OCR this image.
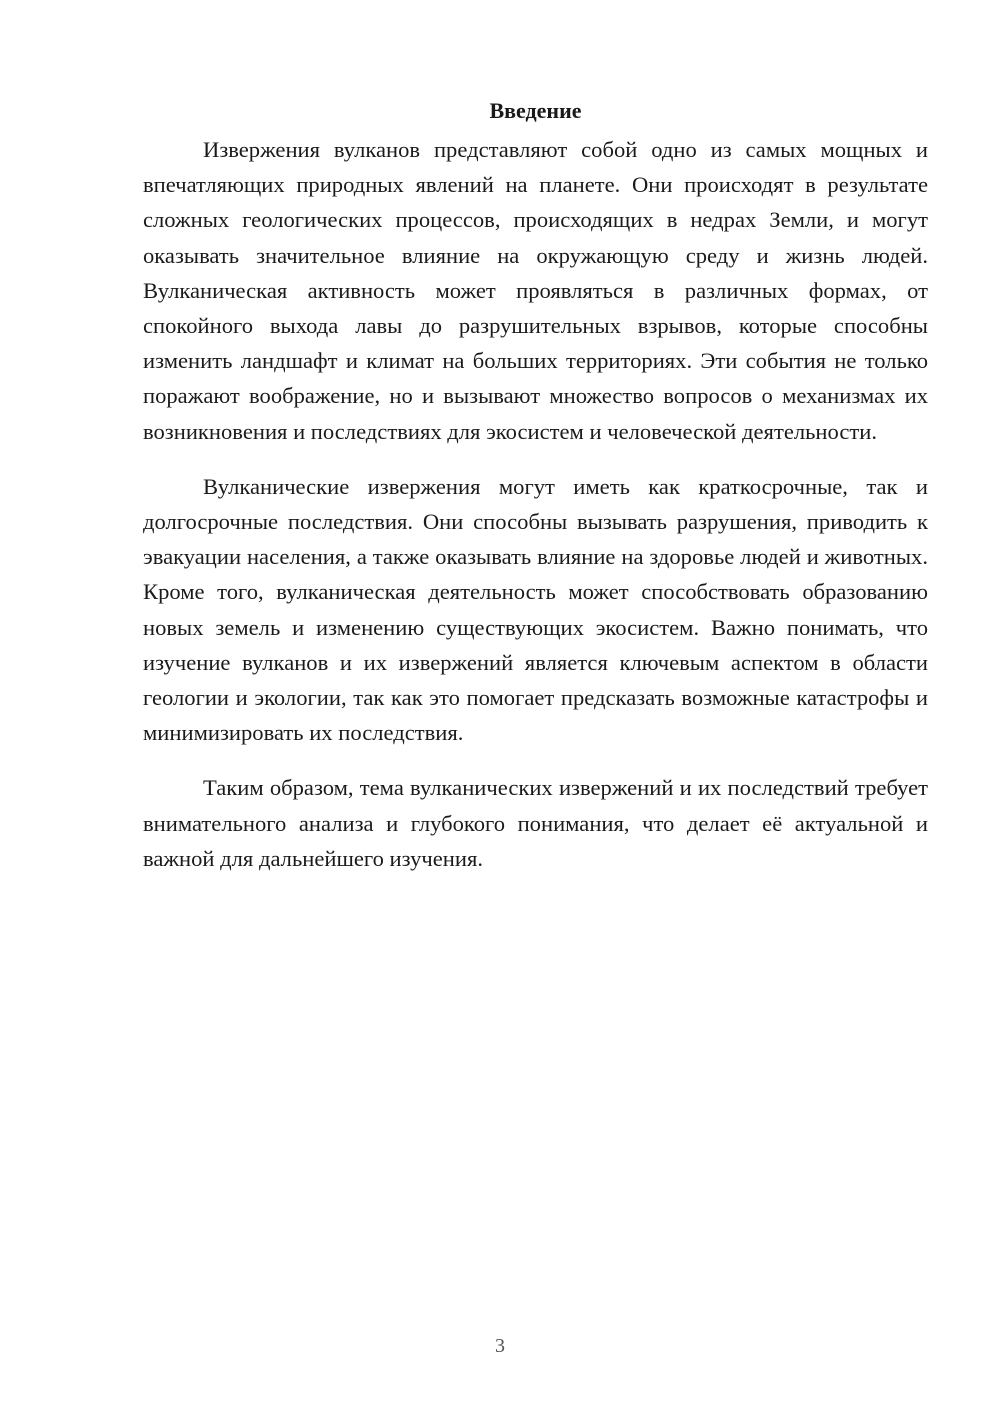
Введение

Извержения вулканов представляют собой одно из самых мощных и впечатляющих природных явлений на планете. Они происходят в результате сложных геологических процессов, происходящих в недрах Земли, и могут оказывать значительное влияние на окружающую среду и жизнь людей. Вулканическая активность может проявляться в различных формах, от спокойного выхода лавы до разрушительных взрывов, которые способны изменить ландшафт и климат на больших территориях. Эти события не только поражают воображение, но и вызывают множество вопросов о механизмах их возникновения и последствиях для экосистем и человеческой деятельности.

Вулканические извержения могут иметь как краткосрочные, так и долгосрочные последствия. Они способны вызывать разрушения, приводить к эвакуации населения, а также оказывать влияние на здоровье людей и животных. Кроме того, вулканическая деятельность может способствовать образованию новых земель и изменению существующих экосистем. Важно понимать, что изучение вулканов и их извержений является ключевым аспектом в области геологии и экологии, так как это помогает предсказать возможные катастрофы и минимизировать их последствия.

Таким образом, тема вулканических извержений и их последствий требует внимательного анализа и глубокого понимания, что делает её актуальной и важной для дальнейшего изучения.

3
